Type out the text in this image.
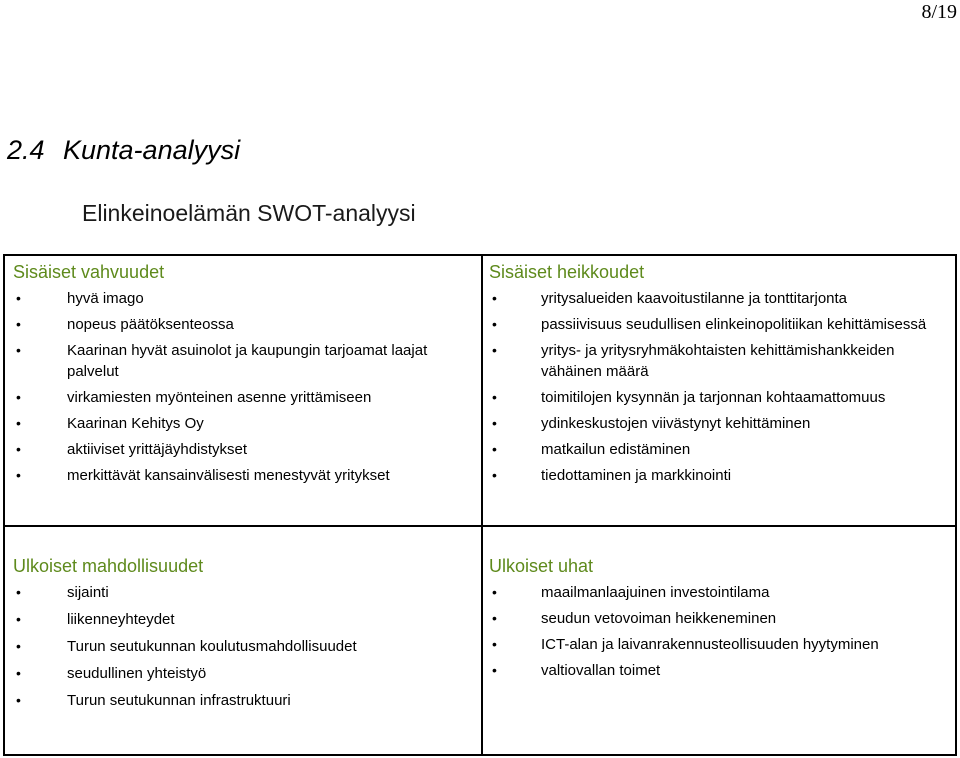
8/19
2.4 Kunta-analyysi
Elinkeinoelämän SWOT-analyysi
Sisäiset vahvuudet
•	hyvä imago
•	nopeus päätöksenteossa
•	Kaarinan hyvät asuinolot ja kaupungin tarjoamat laajat palvelut
•	virkamiesten myönteinen asenne yrittämiseen
•	Kaarinan Kehitys Oy
•	aktiiviset yrittäjäyhdistykset
•	merkittävät kansainvälisesti menestyvät yritykset
Sisäiset heikkoudet
•	yritysalueiden kaavoitustilanne ja tonttitarjonta
•	passiivisuus seudullisen elinkeinopolitiikan kehittämisessä
•	yritys- ja yritysryhmäkohtaisten kehittämishankkeiden vähäinen määrä
•	toimitilojen kysynnän ja tarjonnan kohtaamattomuus
•	ydinkeskustojen viivästynyt kehittäminen
•	matkailun edistäminen
•	tiedottaminen ja markkinointi
Ulkoiset mahdollisuudet
•	sijainti
•	liikenneyhteydet
•	Turun seutukunnan koulutusmahdollisuudet
•	seudullinen yhteistyö
•	Turun seutukunnan infrastruktuuri
Ulkoiset uhat
•	maailmanlaajuinen investointilama
•	seudun vetovoiman heikkeneminen
•	ICT-alan ja laivanrakennusteollisuuden hyytyminen
•	valtiovallan toimet
